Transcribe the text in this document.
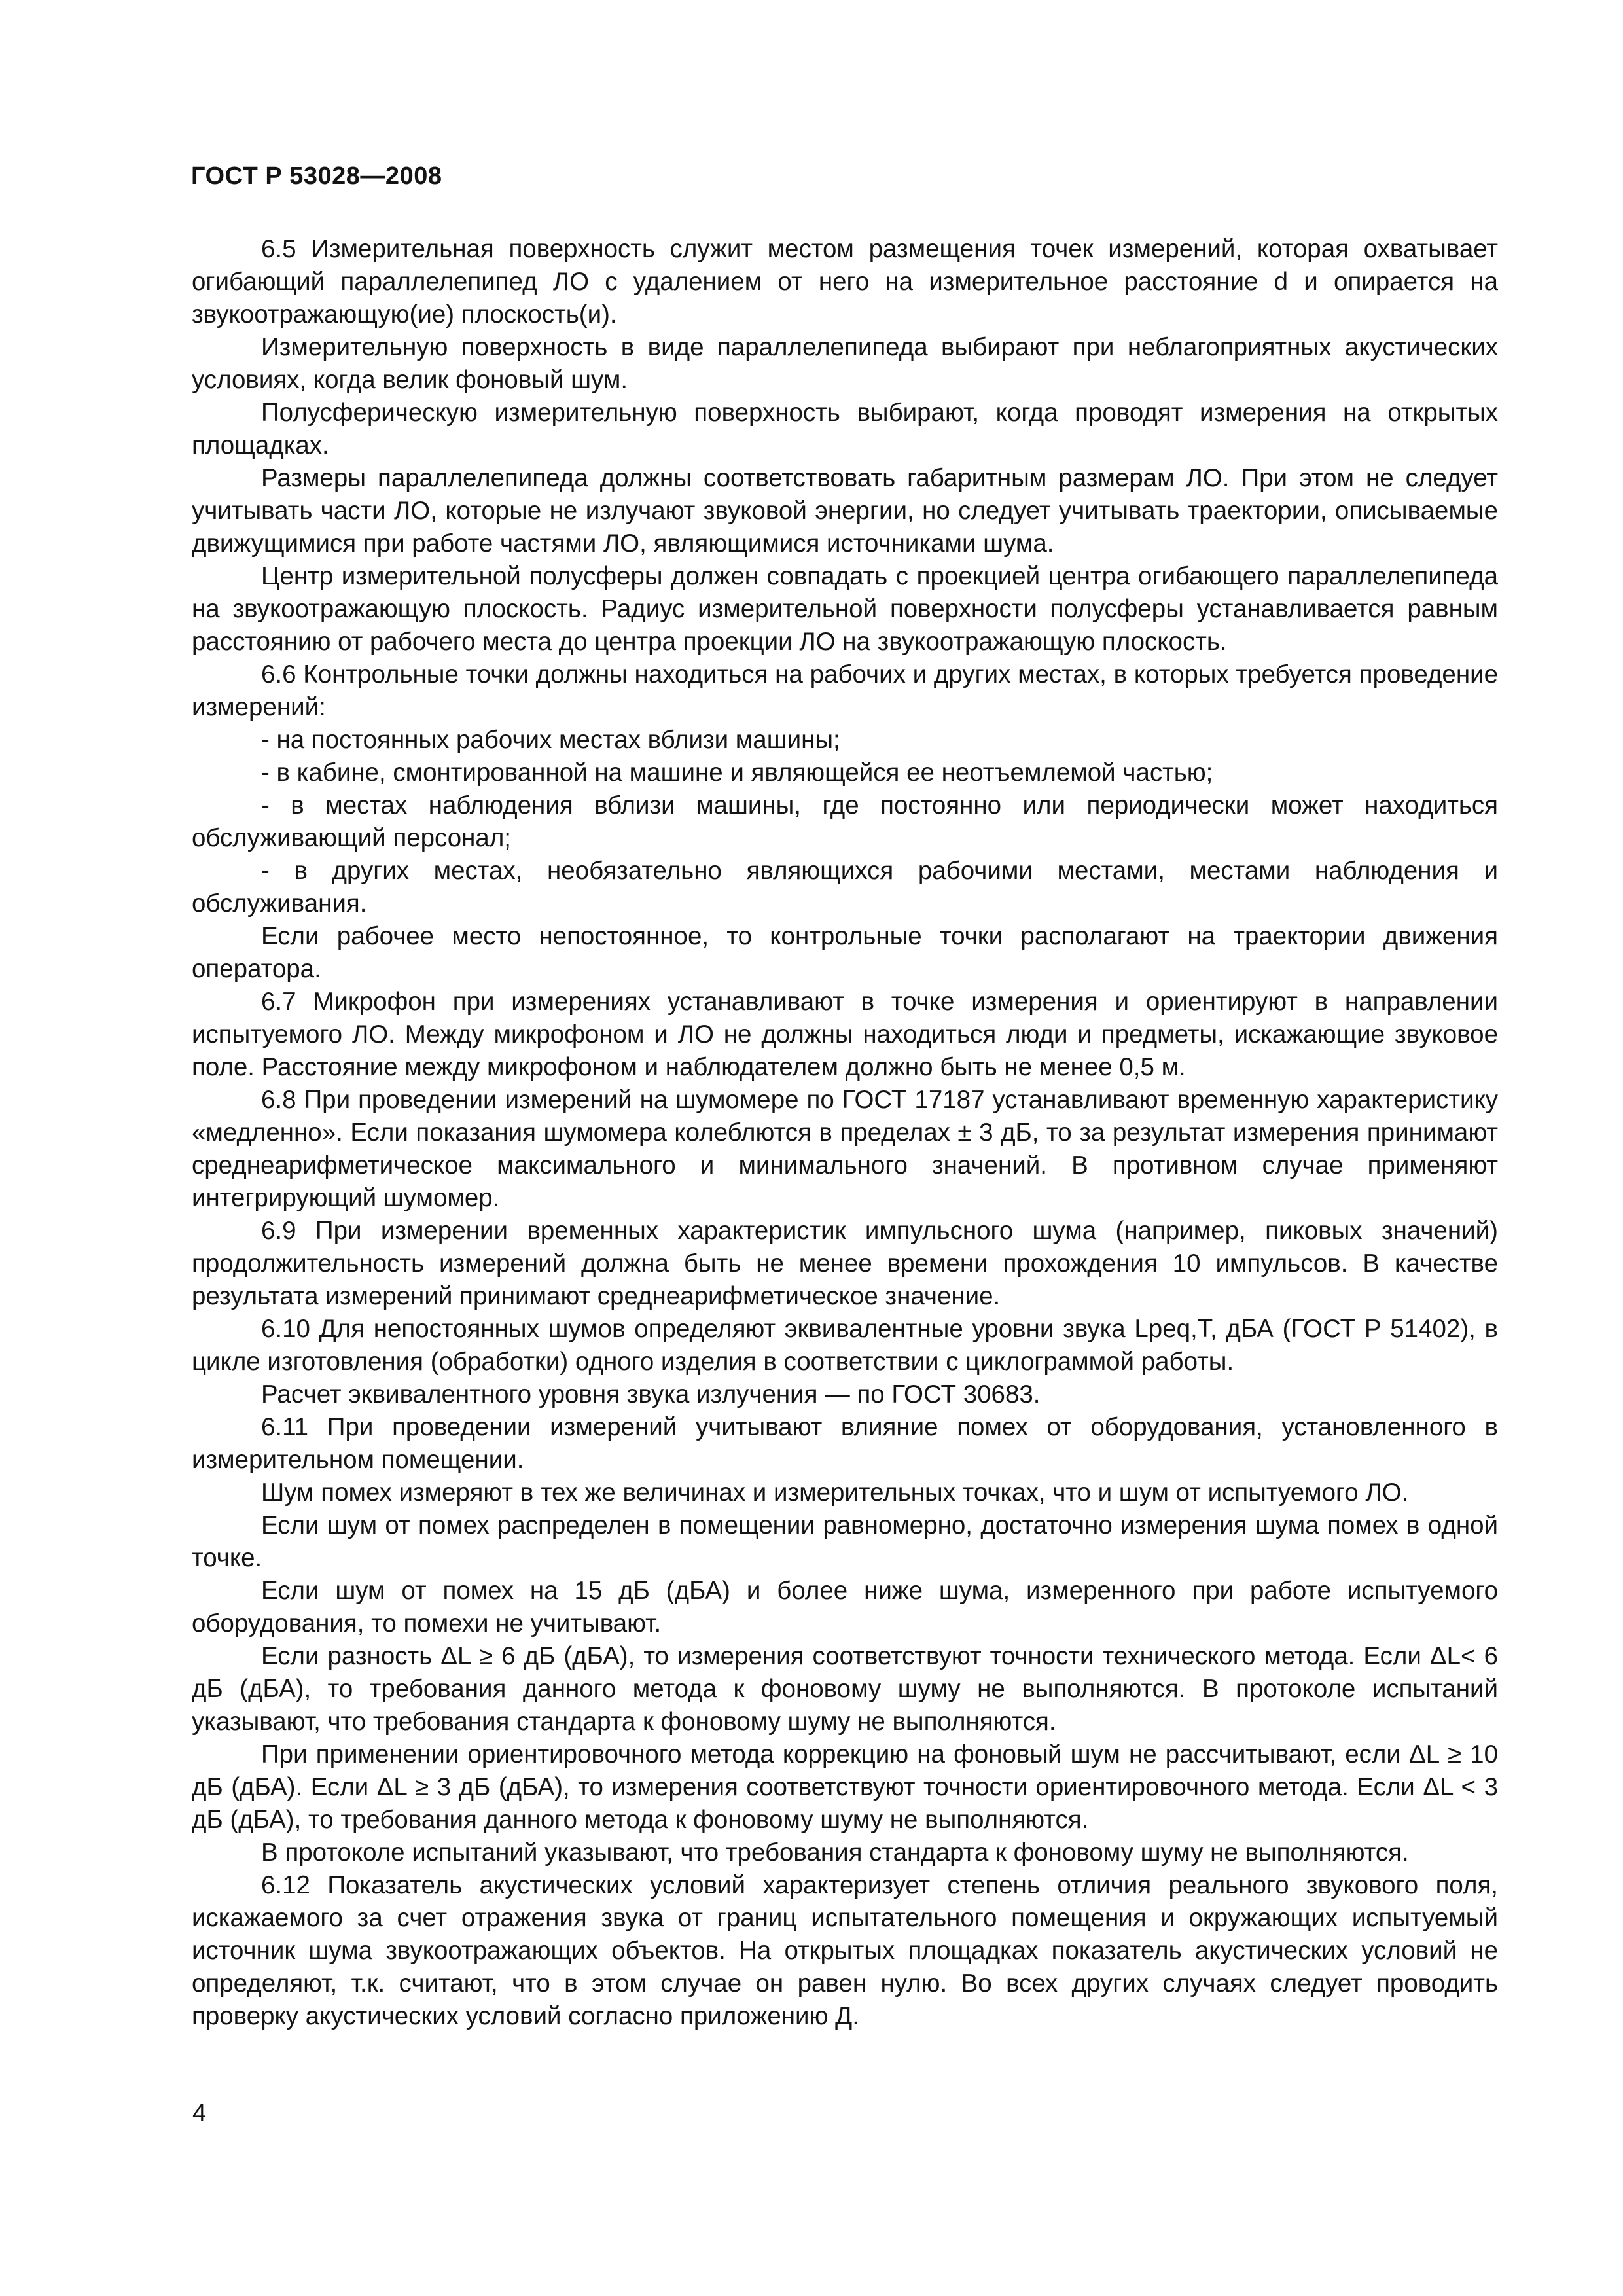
ГОСТ Р 53028—2008

6.5 Измерительная поверхность служит местом размещения точек измерений, которая охватывает огибающий параллелепипед ЛО с удалением от него на измерительное расстояние d и опирается на звукоотражающую(ие) плоскость(и).

Измерительную поверхность в виде параллелепипеда выбирают при неблагоприятных акустических условиях, когда велик фоновый шум.

Полусферическую измерительную поверхность выбирают, когда проводят измерения на открытых площадках.

Размеры параллелепипеда должны соответствовать габаритным размерам ЛО. При этом не следует учитывать части ЛО, которые не излучают звуковой энергии, но следует учитывать траектории, описываемые движущимися при работе частями ЛО, являющимися источниками шума.

Центр измерительной полусферы должен совпадать с проекцией центра огибающего параллелепипеда на звукоотражающую плоскость. Радиус измерительной поверхности полусферы устанавливается равным расстоянию от рабочего места до центра проекции ЛО на звукоотражающую плоскость.

6.6 Контрольные точки должны находиться на рабочих и других местах, в которых требуется проведение измерений:

- на постоянных рабочих местах вблизи машины;

- в кабине, смонтированной на машине и являющейся ее неотъемлемой частью;

- в местах наблюдения вблизи машины, где постоянно или периодически может находиться обслуживающий персонал;

- в других местах, необязательно являющихся рабочими местами, местами наблюдения и обслуживания.

Если рабочее место непостоянное, то контрольные точки располагают на траектории движения оператора.

6.7 Микрофон при измерениях устанавливают в точке измерения и ориентируют в направлении испытуемого ЛО. Между микрофоном и ЛО не должны находиться люди и предметы, искажающие звуковое поле. Расстояние между микрофоном и наблюдателем должно быть не менее 0,5 м.

6.8 При проведении измерений на шумомере по ГОСТ 17187 устанавливают временную характеристику «медленно». Если показания шумомера колеблются в пределах ± 3 дБ, то за результат измерения принимают среднеарифметическое максимального и минимального значений. В противном случае применяют интегрирующий шумомер.

6.9 При измерении временных характеристик импульсного шума (например, пиковых значений) продолжительность измерений должна быть не менее времени прохождения 10 импульсов. В качестве результата измерений принимают среднеарифметическое значение.

6.10 Для непостоянных шумов определяют эквивалентные уровни звука Lpeq,T, дБА (ГОСТ Р 51402), в цикле изготовления (обработки) одного изделия в соответствии с циклограммой работы.

Расчет эквивалентного уровня звука излучения — по ГОСТ 30683.

6.11 При проведении измерений учитывают влияние помех от оборудования, установленного в измерительном помещении.

Шум помех измеряют в тех же величинах и измерительных точках, что и шум от испытуемого ЛО.

Если шум от помех распределен в помещении равномерно, достаточно измерения шума помех в одной точке.

Если шум от помех на 15 дБ (дБА) и более ниже шума, измеренного при работе испытуемого оборудования, то помехи не учитывают.

Если разность ΔL ≥ 6 дБ (дБА), то измерения соответствуют точности технического метода. Если ΔL< 6 дБ (дБА), то требования данного метода к фоновому шуму не выполняются. В протоколе испытаний указывают, что требования стандарта к фоновому шуму не выполняются.

При применении ориентировочного метода коррекцию на фоновый шум не рассчитывают, если ΔL ≥ 10 дБ (дБА). Если ΔL ≥ 3 дБ (дБА), то измерения соответствуют точности ориентировочного метода. Если ΔL < 3 дБ (дБА), то требования данного метода к фоновому шуму не выполняются.

В протоколе испытаний указывают, что требования стандарта к фоновому шуму не выполняются.

6.12 Показатель акустических условий характеризует степень отличия реального звукового поля, искажаемого за счет отражения звука от границ испытательного помещения и окружающих испытуемый источник шума звукоотражающих объектов. На открытых площадках показатель акустических условий не определяют, т.к. считают, что в этом случае он равен нулю. Во всех других случаях следует проводить проверку акустических условий согласно приложению Д.

4
